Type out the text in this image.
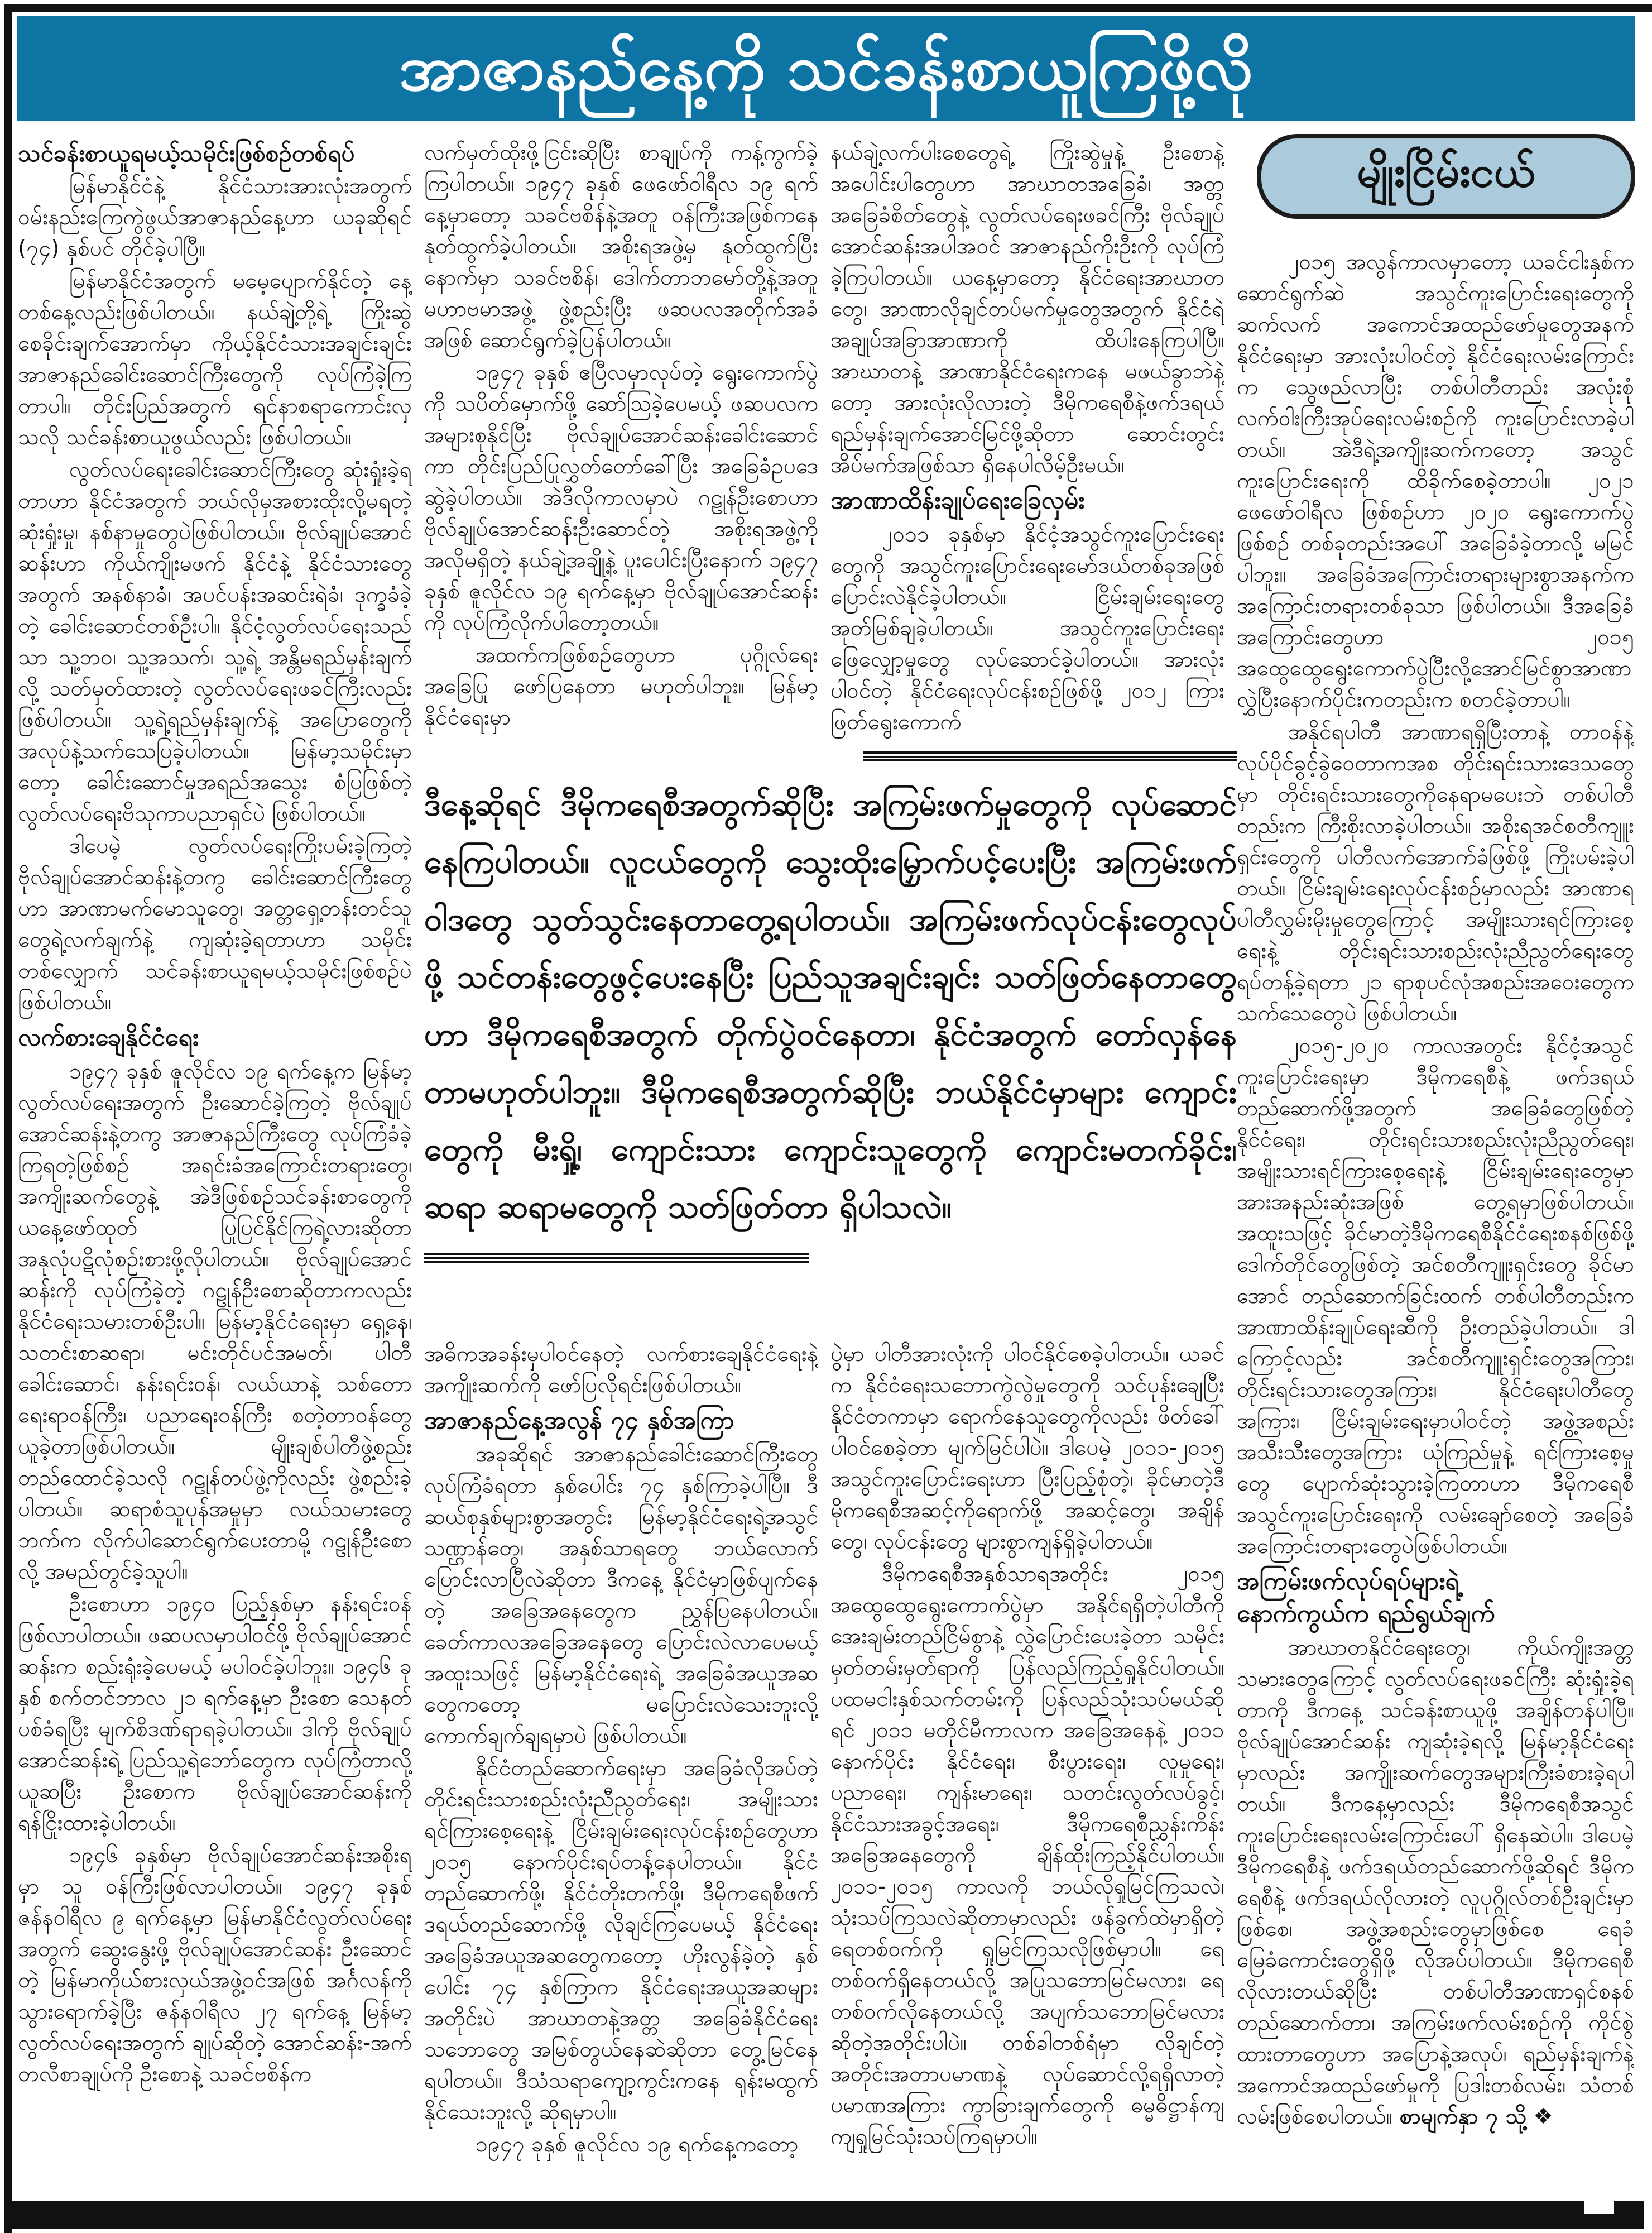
အာဇာနည်နေ့ကို သင်ခန်းစာယူကြဖို့လို
မျိုးငြိမ်းငယ်

သင်ခန်းစာယူရမယ့်သမိုင်းဖြစ်စဉ်တစ်ရပ်

မြန်မာနိုင်ငံနဲ့ နိုင်ငံသားအားလုံးအတွက် ဝမ်းနည်းကြေကွဲဖွယ်အာဇာနည်နေ့ဟာ ယခုဆိုရင် (၇၄) နှစ်ပင် တိုင်ခဲ့ပါပြီ။

မြန်မာနိုင်ငံအတွက် မမေ့ပျောက်နိုင်တဲ့ နေ့တစ်နေ့လည်းဖြစ်ပါတယ်။ နယ်ချဲ့တို့ရဲ့ ကြိုးဆွဲ စေခိုင်းချက်အောက်မှာ ကိုယ့်နိုင်ငံသားအချင်းချင်း အာဇာနည်ခေါင်းဆောင်ကြီးတွေကို လုပ်ကြံခဲ့ကြတာပါ။ တိုင်းပြည်အတွက် ရင်နာစရာကောင်းလှသလို သင်ခန်းစာယူဖွယ်လည်း ဖြစ်ပါတယ်။

လွတ်လပ်ရေးခေါင်းဆောင်ကြီးတွေ ဆုံးရှုံးခဲ့ရတာဟာ နိုင်ငံအတွက် ဘယ်လိုမှအစားထိုးလို့မရတဲ့ ဆုံးရှုံးမှု၊ နစ်နာမှုတွေပဲဖြစ်ပါတယ်။ ဗိုလ်ချုပ်အောင်ဆန်းဟာ ကိုယ်ကျိုးမဖက် နိုင်ငံနဲ့ နိုင်ငံသားတွေအတွက် အနစ်နာခံ၊ အပင်ပန်းအဆင်းရဲခံ၊ ဒုက္ခခံခဲ့တဲ့ ခေါင်းဆောင်တစ်ဦးပါ။ နိုင်ငံ့လွတ်လပ်ရေးသည်သာ သူ့ဘဝ၊ သူ့အသက်၊ သူ့ရဲ့ အန္တိမရည်မှန်းချက်လို့ သတ်မှတ်ထားတဲ့ လွတ်လပ်ရေးဖခင်ကြီးလည်းဖြစ်ပါတယ်။ သူ့ရဲ့ရည်မှန်းချက်နဲ့ အပြောတွေကို အလုပ်နဲ့သက်သေပြခဲ့ပါတယ်။ မြန်မာ့သမိုင်းမှာတော့ ခေါင်းဆောင်မှုအရည်အသွေး စံပြဖြစ်တဲ့ လွတ်လပ်ရေးဗိသုကာပညာရှင်ပဲ ဖြစ်ပါတယ်။

ဒါပေမဲ့ လွတ်လပ်ရေးကြိုးပမ်းခဲ့ကြတဲ့ ဗိုလ်ချုပ်အောင်ဆန်းနဲ့တကွ ခေါင်းဆောင်ကြီးတွေဟာ အာဏာမက်မောသူတွေ၊ အတ္တရှေ့တန်းတင်သူတွေရဲ့လက်ချက်နဲ့ ကျဆုံးခဲ့ရတာဟာ သမိုင်းတစ်လျှောက် သင်ခန်းစာယူရမယ့်သမိုင်းဖြစ်စဉ်ပဲ ဖြစ်ပါတယ်။

လက်စားချေနိုင်ငံရေး

၁၉၄၇ ခုနှစ် ဇူလိုင်လ ၁၉ ရက်နေ့က မြန်မာ့လွတ်လပ်ရေးအတွက် ဦးဆောင်ခဲ့ကြတဲ့ ဗိုလ်ချုပ်အောင်ဆန်းနဲ့တကွ အာဇာနည်ကြီးတွေ လုပ်ကြံခံခဲ့ကြရတဲ့ဖြစ်စဉ် အရင်းခံအကြောင်းတရားတွေ၊ အကျိုးဆက်တွေနဲ့ အဲဒီဖြစ်စဉ်သင်ခန်းစာတွေကို ယနေ့ဖော်ထုတ် ပြုပြင်နိုင်ကြရဲ့လားဆိုတာ အနုလုံပဋိလုံစဉ်းစားဖို့လိုပါတယ်။ ဗိုလ်ချုပ်အောင်ဆန်းကို လုပ်ကြံခဲ့တဲ့ ဂဠုန်ဦးစောဆိုတာကလည်း နိုင်ငံရေးသမားတစ်ဦးပါ။ မြန်မာ့နိုင်ငံရေးမှာ ရှေ့နေ၊ သတင်းစာဆရာ၊ မင်းတိုင်ပင်အမတ်၊ ပါတီခေါင်းဆောင်၊ နန်းရင်းဝန်၊ လယ်ယာနဲ့ သစ်တောရေးရာဝန်ကြီး၊ ပညာရေးဝန်ကြီး စတဲ့တာဝန်တွေ ယူခဲ့တာဖြစ်ပါတယ်။ မျိုးချစ်ပါတီဖွဲ့စည်းတည်ထောင်ခဲ့သလို ဂဠုန်တပ်ဖွဲ့ကိုလည်း ဖွဲ့စည်းခဲ့ပါတယ်။ ဆရာစံသူပုန်အမှုမှာ လယ်သမားတွေဘက်က လိုက်ပါဆောင်ရွက်ပေးတာမို့ ဂဠုန်ဦးစောလို့ အမည်တွင်ခဲ့သူပါ။

ဦးစောဟာ ၁၉၄၀ ပြည့်နှစ်မှာ နန်းရင်းဝန်ဖြစ်လာပါတယ်။ ဖဆပလမှာပါဝင်ဖို့ ဗိုလ်ချုပ်အောင်ဆန်းက စည်းရုံးခဲ့ပေမယ့် မပါဝင်ခဲ့ပါဘူး။ ၁၉၄၆ ခုနှစ် စက်တင်ဘာလ ၂၁ ရက်နေ့မှာ ဦးစော သေနတ်ပစ်ခံရပြီး မျက်စိဒဏ်ရာရခဲ့ပါတယ်။ ဒါကို ဗိုလ်ချုပ်အောင်ဆန်းရဲ့ ပြည်သူ့ရဲဘော်တွေက လုပ်ကြံတာလို့ယူဆပြီး ဦးစောက ဗိုလ်ချုပ်အောင်ဆန်းကို ရန်ငြိုးထားခဲ့ပါတယ်။

၁၉၄၆ ခုနှစ်မှာ ဗိုလ်ချုပ်အောင်ဆန်းအစိုးရမှာ သူ ဝန်ကြီးဖြစ်လာပါတယ်။ ၁၉၄၇ ခုနှစ် ဇန်နဝါရီလ ၉ ရက်နေ့မှာ မြန်မာနိုင်ငံလွတ်လပ်ရေးအတွက် ဆွေးနွေးဖို့ ဗိုလ်ချုပ်အောင်ဆန်း ဦးဆောင်တဲ့ မြန်မာကိုယ်စားလှယ်အဖွဲ့ဝင်အဖြစ် အင်္ဂလန်ကို သွားရောက်ခဲ့ပြီး ဇန်နဝါရီလ ၂၇ ရက်နေ့ မြန်မာ့လွတ်လပ်ရေးအတွက် ချုပ်ဆိုတဲ့ အောင်ဆန်း-အက်တလီစာချုပ်ကို ဦးစောနဲ့ သခင်ဗစိန်က

လက်မှတ်ထိုးဖို့ငြင်းဆိုပြီး စာချုပ်ကို ကန့်ကွက်ခဲ့ကြပါတယ်။ ၁၉၄၇ ခုနှစ် ဖေဖော်ဝါရီလ ၁၉ ရက်နေ့မှာတော့ သခင်ဗစိန်နဲ့အတူ ဝန်ကြီးအဖြစ်ကနေ နုတ်ထွက်ခဲ့ပါတယ်။ အစိုးရအဖွဲ့မှ နုတ်ထွက်ပြီးနောက်မှာ သခင်ဗစိန်၊ ဒေါက်တာဘမော်တို့နဲ့အတူ မဟာဗမာအဖွဲ့ ဖွဲ့စည်းပြီး ဖဆပလအတိုက်အခံအဖြစ် ဆောင်ရွက်ခဲ့ပြန်ပါတယ်။

၁၉၄၇ ခုနှစ် ဧပြီလမှာလုပ်တဲ့ ရွေးကောက်ပွဲကို သပိတ်မှောက်ဖို့ ဆော်ဩခဲ့ပေမယ့် ဖဆပလက အများစုနိုင်ပြီး ဗိုလ်ချုပ်အောင်ဆန်းခေါင်းဆောင်ကာ တိုင်းပြည်ပြုလွှတ်တော်ခေါ်ပြီး အခြေခံဥပဒေ ဆွဲခဲ့ပါတယ်။ အဲဒီလိုကာလမှာပဲ ဂဠုန်ဦးစောဟာ ဗိုလ်ချုပ်အောင်ဆန်းဦးဆောင်တဲ့ အစိုးရအဖွဲ့ကို အလိုမရှိတဲ့ နယ်ချဲ့အချို့နဲ့ ပူးပေါင်းပြီးနောက် ၁၉၄၇ ခုနှစ် ဇူလိုင်လ ၁၉ ရက်နေ့မှာ ဗိုလ်ချုပ်အောင်ဆန်းကို လုပ်ကြံလိုက်ပါတော့တယ်။

အထက်ကဖြစ်စဉ်တွေဟာ ပုဂ္ဂိုလ်ရေးအခြေပြု ဖော်ပြနေတာ မဟုတ်ပါဘူး။ မြန်မာ့နိုင်ငံရေးမှာ

နယ်ချဲ့လက်ပါးစေတွေရဲ့ ကြိုးဆွဲမှုနဲ့ ဦးစောနဲ့ အပေါင်းပါတွေဟာ အာဃာတအခြေခံ၊ အတ္တအခြေခံစိတ်တွေနဲ့ လွတ်လပ်ရေးဖခင်ကြီး ဗိုလ်ချုပ်အောင်ဆန်းအပါအဝင် အာဇာနည်ကိုးဦးကို လုပ်ကြံခဲ့ကြပါတယ်။ ယနေ့မှာတော့ နိုင်ငံရေးအာဃာတတွေ၊ အာဏာလိုချင်တပ်မက်မှုတွေအတွက် နိုင်ငံရဲ့ အချုပ်အခြာအာဏာကို ထိပါးနေကြပါပြီ။ အာဃာတနဲ့ အာဏာနိုင်ငံရေးကနေ မဖယ်ခွာဘဲနဲ့တော့ အားလုံးလိုလားတဲ့ ဒီမိုကရေစီနဲ့ဖက်ဒရယ် ရည်မှန်းချက်အောင်မြင်ဖို့ဆိုတာ ဆောင်းတွင်း အိပ်မက်အဖြစ်သာ ရှိနေပါလိမ့်ဦးမယ်။

အာဏာထိန်းချုပ်ရေးခြေလှမ်း

၂၀၁၁ ခုနှစ်မှာ နိုင်ငံ့အသွင်ကူးပြောင်းရေးတွေကို အသွင်ကူးပြောင်းရေးမော်ဒယ်တစ်ခုအဖြစ် ပြောင်းလဲနိုင်ခဲ့ပါတယ်။ ငြိမ်းချမ်းရေးတွေ အုတ်မြစ်ချခဲ့ပါတယ်။ အသွင်ကူးပြောင်းရေးဖြေလျှော့မှုတွေ လုပ်ဆောင်ခဲ့ပါတယ်။ အားလုံးပါဝင်တဲ့ နိုင်ငံရေးလုပ်ငန်းစဉ်ဖြစ်ဖို့ ၂၀၁၂ ကြားဖြတ်ရွေးကောက်

ဒီနေ့ဆိုရင် ဒီမိုကရေစီအတွက်ဆိုပြီး အကြမ်းဖက်မှုတွေကို လုပ်ဆောင်နေကြပါတယ်။ လူငယ်တွေကို သွေးထိုးမြှောက်ပင့်ပေးပြီး အကြမ်းဖက်ဝါဒတွေ သွတ်သွင်းနေတာတွေ့ရပါတယ်။ အကြမ်းဖက်လုပ်ငန်းတွေလုပ်ဖို့ သင်တန်းတွေဖွင့်ပေးနေပြီး ပြည်သူအချင်းချင်း သတ်ဖြတ်နေတာတွေဟာ ဒီမိုကရေစီအတွက် တိုက်ပွဲဝင်နေတာ၊ နိုင်ငံအတွက် တော်လှန်နေတာမဟုတ်ပါဘူး။ ဒီမိုကရေစီအတွက်ဆိုပြီး ဘယ်နိုင်ငံမှာများ ကျောင်းတွေကို မီးရှို့၊ ကျောင်းသား ကျောင်းသူတွေကို ကျောင်းမတက်ခိုင်း၊ ဆရာ ဆရာမတွေကို သတ်ဖြတ်တာ ရှိပါသလဲ။

အဓိကအခန်းမှပါဝင်နေတဲ့ လက်စားချေနိုင်ငံရေးနဲ့ အကျိုးဆက်ကို ဖော်ပြလိုရင်းဖြစ်ပါတယ်။

အာဇာနည်နေ့အလွန် ၇၄ နှစ်အကြာ

အခုဆိုရင် အာဇာနည်ခေါင်းဆောင်ကြီးတွေ လုပ်ကြံခံရတာ နှစ်ပေါင်း ၇၄ နှစ်ကြာခဲ့ပါပြီ။ ဒီဆယ်စုနှစ်များစွာအတွင်း မြန်မာ့နိုင်ငံရေးရဲ့အသွင် သဏ္ဌာန်တွေ၊ အနှစ်သာရတွေ ဘယ်လောက် ပြောင်းလာပြီလဲဆိုတာ ဒီကနေ့ နိုင်ငံမှာဖြစ်ပျက်နေတဲ့ အခြေအနေတွေက ညွှန်ပြနေပါတယ်။ ခေတ်ကာလအခြေအနေတွေ ပြောင်းလဲလာပေမယ့် အထူးသဖြင့် မြန်မာ့နိုင်ငံရေးရဲ့ အခြေခံအယူအဆတွေကတော့ မပြောင်းလဲသေးဘူးလို့ ကောက်ချက်ချရမှာပဲ ဖြစ်ပါတယ်။

နိုင်ငံတည်ဆောက်ရေးမှာ အခြေခံလိုအပ်တဲ့ တိုင်းရင်းသားစည်းလုံးညီညွတ်ရေး၊ အမျိုးသားရင်ကြားစေ့ရေးနဲ့ ငြိမ်းချမ်းရေးလုပ်ငန်းစဉ်တွေဟာ ၂၀၁၅ နောက်ပိုင်းရပ်တန့်နေပါတယ်။ နိုင်ငံတည်ဆောက်ဖို့၊ နိုင်ငံတိုးတက်ဖို့၊ ဒီမိုကရေစီဖက်ဒရယ်တည်ဆောက်ဖို့ လိုချင်ကြပေမယ့် နိုင်ငံရေးအခြေခံအယူအဆတွေကတော့ ဟိုးလွန်ခဲ့တဲ့ နှစ်ပေါင်း ၇၄ နှစ်ကြာက နိုင်ငံရေးအယူအဆများအတိုင်းပဲ အာဃာတနဲ့အတ္တ အခြေခံနိုင်ငံရေးသဘောတွေ အမြစ်တွယ်နေဆဲဆိုတာ တွေ့မြင်နေရပါတယ်။ ဒီသံသရာကျော့ကွင်းကနေ ရုန်းမထွက်နိုင်သေးဘူးလို့ ဆိုရမှာပါ။

၁၉၄၇ ခုနှစ် ဇူလိုင်လ ၁၉ ရက်နေ့ကတော့

ပွဲမှာ ပါတီအားလုံးကို ပါဝင်နိုင်စေခဲ့ပါတယ်။ ယခင်က နိုင်ငံရေးသဘောကွဲလွဲမှုတွေကို သင်ပုန်းချေပြီး နိုင်ငံတကာမှာ ရောက်နေသူတွေကိုလည်း ဖိတ်ခေါ်ပါဝင်စေခဲ့တာ မျက်မြင်ပါပဲ။ ဒါပေမဲ့ ၂၀၁၁-၂၀၁၅ အသွင်ကူးပြောင်းရေးဟာ ပြီးပြည့်စုံတဲ့၊ ခိုင်မာတဲ့ဒီမိုကရေစီအဆင့်ကိုရောက်ဖို့ အဆင့်တွေ၊ အချိန်တွေ၊ လုပ်ငန်းတွေ များစွာကျန်ရှိခဲ့ပါတယ်။

ဒီမိုကရေစီအနှစ်သာရအတိုင်း ၂၀၁၅ အထွေထွေရွေးကောက်ပွဲမှာ အနိုင်ရရှိတဲ့ပါတီကို အေးချမ်းတည်ငြိမ်စွာနဲ့ လွှဲပြောင်းပေးခဲ့တာ သမိုင်းမှတ်တမ်းမှတ်ရာကို ပြန်လည်ကြည့်ရှုနိုင်ပါတယ်။ ပထမငါးနှစ်သက်တမ်းကို ပြန်လည်သုံးသပ်မယ်ဆိုရင် ၂၀၁၁ မတိုင်မီကာလက အခြေအနေနဲ့ ၂၀၁၁ နောက်ပိုင်း နိုင်ငံရေး၊ စီးပွားရေး၊ လူမှုရေး၊ ပညာရေး၊ ကျန်းမာရေး၊ သတင်းလွတ်လပ်ခွင့်၊ နိုင်ငံသားအခွင့်အရေး၊ ဒီမိုကရေစီညွှန်းကိန်းအခြေအနေတွေကို ချိန်ထိုးကြည့်နိုင်ပါတယ်။ ၂၀၁၁-၂၀၁၅ ကာလကို ဘယ်လိုရှုမြင်ကြသလဲ၊ သုံးသပ်ကြသလဲဆိုတာမှာလည်း ဖန်ခွက်ထဲမှာရှိတဲ့ ရေတစ်ဝက်ကို ရှုမြင်ကြသလိုဖြစ်မှာပါ။ ရေတစ်ဝက်ရှိနေတယ်လို့ အပြုသဘောမြင်မလား၊ ရေတစ်ဝက်လိုနေတယ်လို့ အပျက်သဘောမြင်မလားဆိုတဲ့အတိုင်းပါပဲ။ တစ်ခါတစ်ရံမှာ လိုချင်တဲ့အတိုင်းအတာပမာဏနဲ့ လုပ်ဆောင်လို့ရရှိလာတဲ့ ပမာဏအကြား ကွာခြားချက်တွေကို ဓမ္မဓိဋ္ဌာန်ကျကျရှုမြင်သုံးသပ်ကြရမှာပါ။

၂၀၁၅ အလွန်ကာလမှာတော့ ယခင်ငါးနှစ်က ဆောင်ရွက်ဆဲ အသွင်ကူးပြောင်းရေးတွေကို ဆက်လက် အကောင်အထည်ဖော်မှုတွေအနက် နိုင်ငံရေးမှာ အားလုံးပါဝင်တဲ့ နိုင်ငံရေးလမ်းကြောင်းက သွေဖည်လာပြီး တစ်ပါတီတည်း အလုံးစုံလက်ဝါးကြီးအုပ်ရေးလမ်းစဉ်ကို ကူးပြောင်းလာခဲ့ပါတယ်။ အဲဒီရဲ့အကျိုးဆက်ကတော့ အသွင်ကူးပြောင်းရေးကို ထိခိုက်စေခဲ့တာပါ။ ၂၀၂၁ ဖေဖော်ဝါရီလ ဖြစ်စဉ်ဟာ ၂၀၂၀ ရွေးကောက်ပွဲဖြစ်စဉ် တစ်ခုတည်းအပေါ် အခြေခံခဲ့တာလို့ မမြင်ပါဘူး။ အခြေခံအကြောင်းတရားများစွာအနက်က အကြောင်းတရားတစ်ခုသာ ဖြစ်ပါတယ်။ ဒီအခြေခံအကြောင်းတွေဟာ ၂၀၁၅ အထွေထွေရွေးကောက်ပွဲပြီးလို့အောင်မြင်စွာအာဏာလွှဲပြီးနောက်ပိုင်းကတည်းက စတင်ခဲ့တာပါ။

အနိုင်ရပါတီ အာဏာရရှိပြီးတာနဲ့ တာဝန်နဲ့ လုပ်ပိုင်ခွင့်ခွဲဝေတာကအစ တိုင်းရင်းသားဒေသတွေမှာ တိုင်းရင်းသားတွေကိုနေရာမပေးဘဲ တစ်ပါတီတည်းက ကြီးစိုးလာခဲ့ပါတယ်။ အစိုးရအင်စတီကျူးရှင်းတွေကို ပါတီလက်အောက်ခံဖြစ်ဖို့ ကြိုးပမ်းခဲ့ပါတယ်။ ငြိမ်းချမ်းရေးလုပ်ငန်းစဉ်မှာလည်း အာဏာရပါတီလွှမ်းမိုးမှုတွေကြောင့် အမျိုးသားရင်ကြားစေ့ရေးနဲ့ တိုင်းရင်းသားစည်းလုံးညီညွတ်ရေးတွေ ရပ်တန့်ခဲ့ရတာ ၂၁ ရာစုပင်လုံအစည်းအဝေးတွေက သက်သေတွေပဲ ဖြစ်ပါတယ်။

၂၀၁၅-၂၀၂၀ ကာလအတွင်း နိုင်ငံ့အသွင်ကူးပြောင်းရေးမှာ ဒီမိုကရေစီနဲ့ ဖက်ဒရယ်တည်ဆောက်ဖို့အတွက် အခြေခံတွေဖြစ်တဲ့ နိုင်ငံရေး၊ တိုင်းရင်းသားစည်းလုံးညီညွတ်ရေး၊ အမျိုးသားရင်ကြားစေ့ရေးနဲ့ ငြိမ်းချမ်းရေးတွေမှာ အားအနည်းဆုံးအဖြစ် တွေ့ရမှာဖြစ်ပါတယ်။ အထူးသဖြင့် ခိုင်မာတဲ့ဒီမိုကရေစီနိုင်ငံရေးစနစ်ဖြစ်ဖို့ ဒေါက်တိုင်တွေဖြစ်တဲ့ အင်စတီကျူးရှင်းတွေ ခိုင်မာအောင် တည်ဆောက်ခြင်းထက် တစ်ပါတီတည်းက အာဏာထိန်းချုပ်ရေးဆီကို ဦးတည်ခဲ့ပါတယ်။ ဒါကြောင့်လည်း အင်စတီကျူးရှင်းတွေအကြား၊ တိုင်းရင်းသားတွေအကြား၊ နိုင်ငံရေးပါတီတွေအကြား၊ ငြိမ်းချမ်းရေးမှာပါဝင်တဲ့ အဖွဲ့အစည်းအသီးသီးတွေအကြား ယုံကြည်မှုနဲ့ ရင်ကြားစေ့မှုတွေ ပျောက်ဆုံးသွားခဲ့ကြတာဟာ ဒီမိုကရေစီအသွင်ကူးပြောင်းရေးကို လမ်းချော်စေတဲ့ အခြေခံအကြောင်းတရားတွေပဲဖြစ်ပါတယ်။

အကြမ်းဖက်လုပ်ရပ်များရဲ့
နောက်ကွယ်က ရည်ရွယ်ချက်

အာဃာတနိုင်ငံရေးတွေ၊ ကိုယ်ကျိုးအတ္တသမားတွေကြောင့် လွတ်လပ်ရေးဖခင်ကြီး ဆုံးရှုံးခဲ့ရတာကို ဒီကနေ့ သင်ခန်းစာယူဖို့ အချိန်တန်ပါပြီ။ ဗိုလ်ချုပ်အောင်ဆန်း ကျဆုံးခဲ့ရလို့ မြန်မာ့နိုင်ငံရေးမှာလည်း အကျိုးဆက်တွေအများကြီးခံစားခဲ့ရပါတယ်။ ဒီကနေ့မှာလည်း ဒီမိုကရေစီအသွင်ကူးပြောင်းရေးလမ်းကြောင်းပေါ် ရှိနေဆဲပါ။ ဒါပေမဲ့ ဒီမိုကရေစီနဲ့ ဖက်ဒရယ်တည်ဆောက်ဖို့ဆိုရင် ဒီမိုကရေစီနဲ့ ဖက်ဒရယ်လိုလားတဲ့ လူပုဂ္ဂိုလ်တစ်ဦးချင်းမှာဖြစ်စေ၊ အဖွဲ့အစည်းတွေမှာဖြစ်စေ ရေခံမြေခံကောင်းတွေရှိဖို့ လိုအပ်ပါတယ်။ ဒီမိုကရေစီလိုလားတယ်ဆိုပြီး တစ်ပါတီအာဏာရှင်စနစ်တည်ဆောက်တာ၊ အကြမ်းဖက်လမ်းစဉ်ကို ကိုင်စွဲထားတာတွေဟာ အပြောနဲ့အလုပ်၊ ရည်မှန်းချက်နဲ့ အကောင်အထည်ဖော်မှုကို ပြဒါးတစ်လမ်း၊ သံတစ်လမ်းဖြစ်စေပါတယ်။ စာမျက်နှာ ၇ သို့ ❖
